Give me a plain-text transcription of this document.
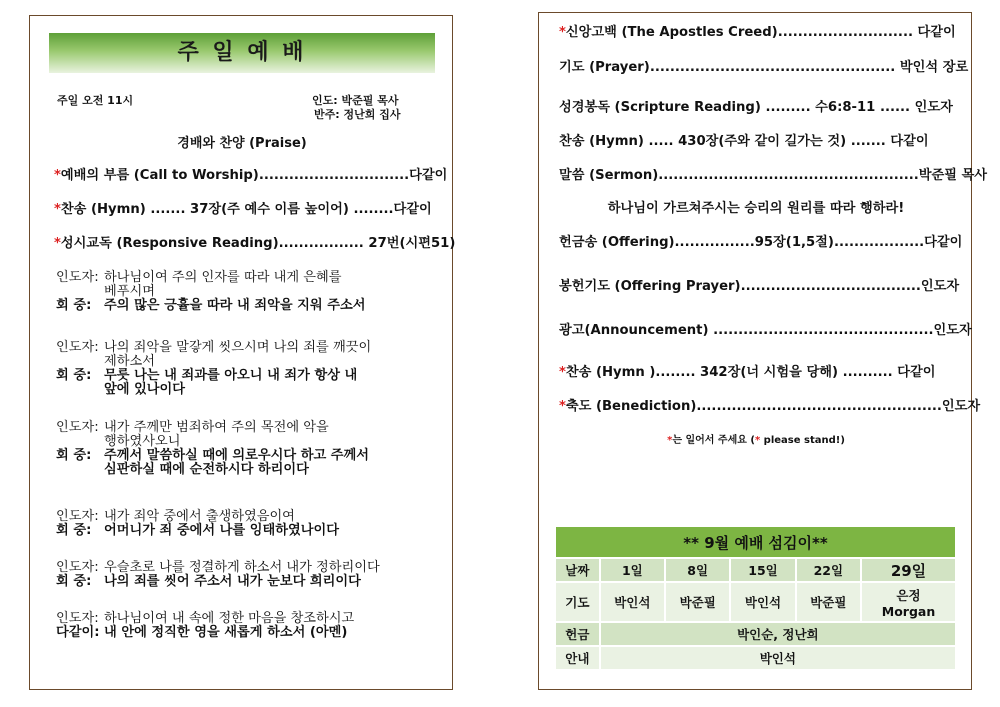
주 일 예 배
주일 오전 11시	인도: 박준필 목사
반주: 정난희 집사
경배와 찬양 (Praise)
*예배의 부름 (Call to Worship)..............................다같이
*찬송 (Hymn) ....... 37장(주 예수 이름 높이어) ........다같이
*성시교독 (Responsive Reading)................. 27번(시편51)
인도자: 하나님이여 주의 인자를 따라 내게 은혜를
베푸시며
회 중: 주의 많은 긍휼을 따라 내 죄악을 지워 주소서
인도자: 나의 죄악을 말갛게 씻으시며 나의 죄를 깨끗이
제하소서
회 중: 무릇 나는 내 죄과를 아오니 내 죄가 항상 내
앞에 있나이다
인도자: 내가 주께만 범죄하여 주의 목전에 악을
행하였사오니
회 중: 주께서 말씀하실 때에 의로우시다 하고 주께서
심판하실 때에 순전하시다 하리이다
인도자: 내가 죄악 중에서 출생하였음이여
회 중: 어머니가 죄 중에서 나를 잉태하였나이다
인도자: 우슬초로 나를 정결하게 하소서 내가 정하리이다
회 중: 나의 죄를 씻어 주소서 내가 눈보다 희리이다
인도자: 하나님이여 내 속에 정한 마음을 창조하시고
다같이: 내 안에 정직한 영을 새롭게 하소서 (아멘)
*신앙고백 (The Apostles Creed)........................... 다같이
기도 (Prayer)................................................. 박인석 장로
성경봉독 (Scripture Reading) ......... 수6:8-11 ...... 인도자
찬송 (Hymn) ..... 430장(주와 같이 길가는 것) ....... 다같이
말씀 (Sermon)....................................................박준필 목사
하나님이 가르쳐주시는 승리의 원리를 따라 행하라!
헌금송 (Offering)................95장(1,5절)..................다같이
봉헌기도 (Offering Prayer)....................................인도자
광고(Announcement) ............................................인도자
*찬송 (Hymn )........ 342장(너 시험을 당해) .......... 다같이
*축도 (Benediction).................................................인도자
*는 일어서 주세요 (* please stand!)
** 9월 예배 섬김이**					
날짜	1일	8일	15일	22일	29일
기도	박인석	박준필	박인석	박준필	은정
Morgan

헌금	박인순, 정난희				
안내	박인석				
